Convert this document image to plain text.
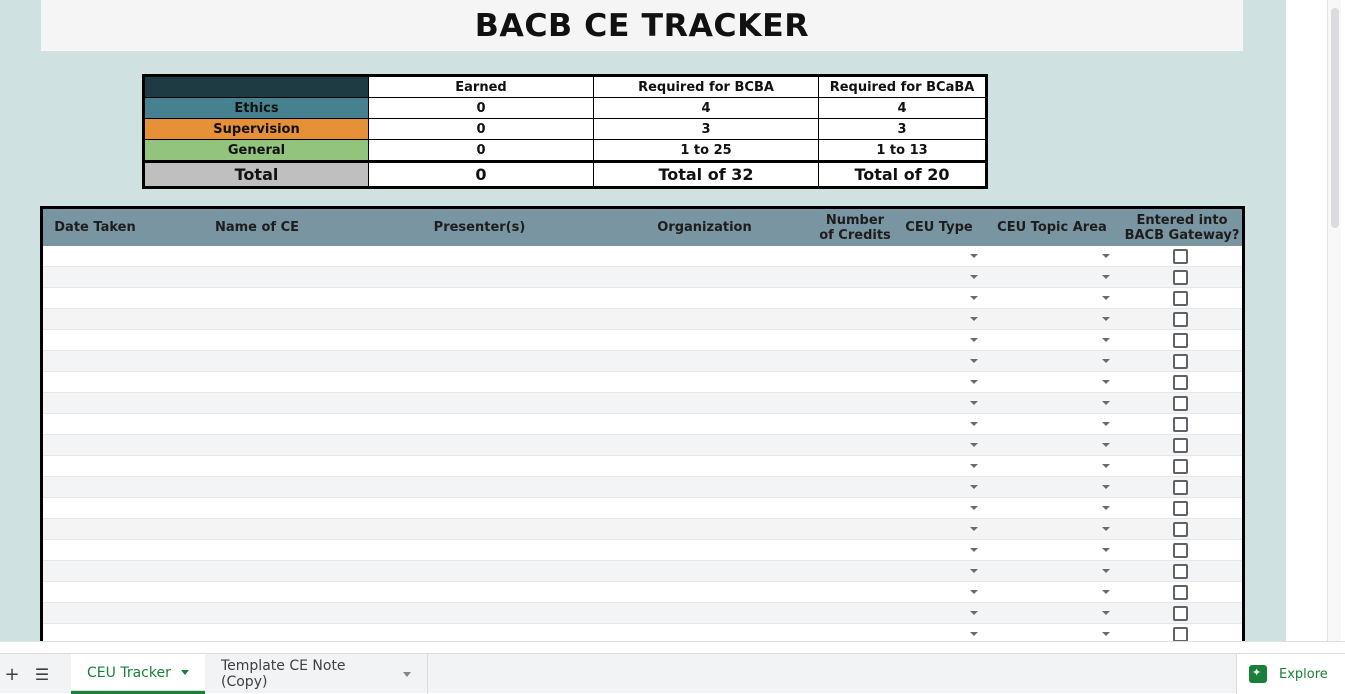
BACB CE TRACKER
Earned	Required for BCBA	Required for BCaBA
Ethics	0	4	4
Supervision	0	3	3
General	0	1 to 25	1 to 13
Total	0	Total of 32	Total of 20
Date Taken	Name of CE	Presenter(s)	Organization	Number
of Credits	CEU Type	CEU Topic Area	Entered into
BACB Gateway?
+ ☰	CEU Tracker	Template CE Note (Copy)
✦	Explore
